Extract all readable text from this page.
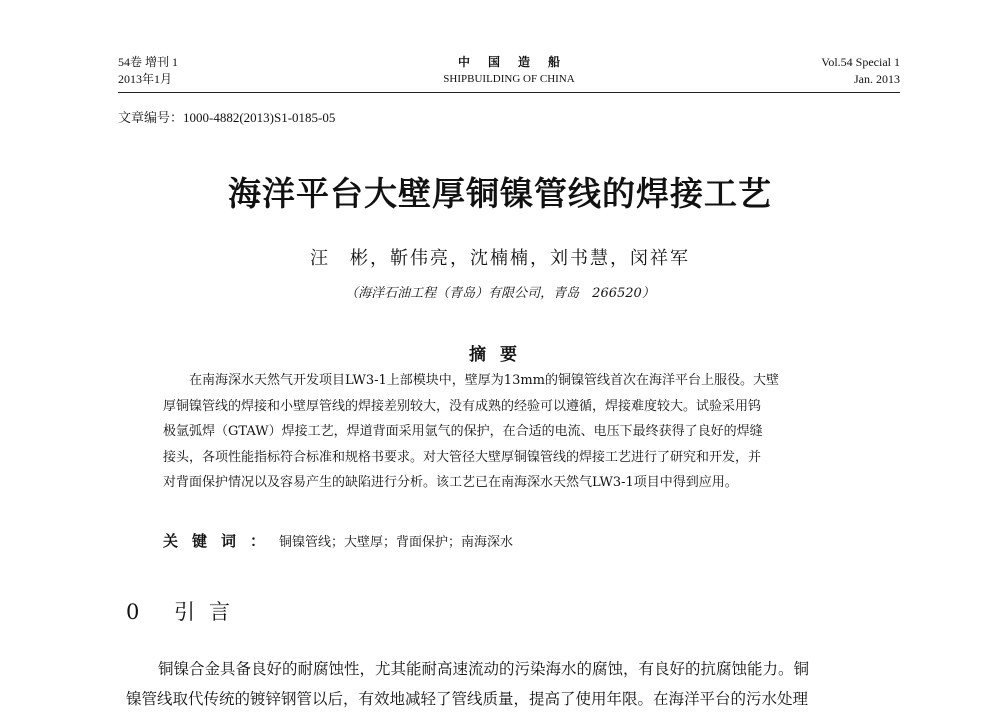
54卷 增刊 1
2013年1月
中国造船
SHIPBUILDING OF CHINA
Vol.54 Special 1
Jan. 2013
文章编号：1000-4882(2013)S1-0185-05
海洋平台大壁厚铜镍管线的焊接工艺
汪　彬，靳伟亮，沈楠楠，刘书慧，闵祥军
（海洋石油工程（青岛）有限公司，青岛　266520）
摘要
在南海深水天然气开发项目LW3-1上部模块中，壁厚为13mm的铜镍管线首次在海洋平台上服役。大壁
厚铜镍管线的焊接和小壁厚管线的焊接差别较大，没有成熟的经验可以遵循，焊接难度较大。试验采用钨
极氩弧焊（GTAW）焊接工艺，焊道背面采用氩气的保护，在合适的电流、电压下最终获得了良好的焊缝
接头，各项性能指标符合标准和规格书要求。对大管径大壁厚铜镍管线的焊接工艺进行了研究和开发，并
对背面保护情况以及容易产生的缺陷进行分析。该工艺已在南海深水天然气LW3-1项目中得到应用。
关键词：铜镍管线；大壁厚；背面保护；南海深水
0 引言
铜镍合金具备良好的耐腐蚀性，尤其能耐高速流动的污染海水的腐蚀，有良好的抗腐蚀能力。铜
镍管线取代传统的镀锌钢管以后，有效地减轻了管线质量，提高了使用年限。在海洋平台的污水处理
